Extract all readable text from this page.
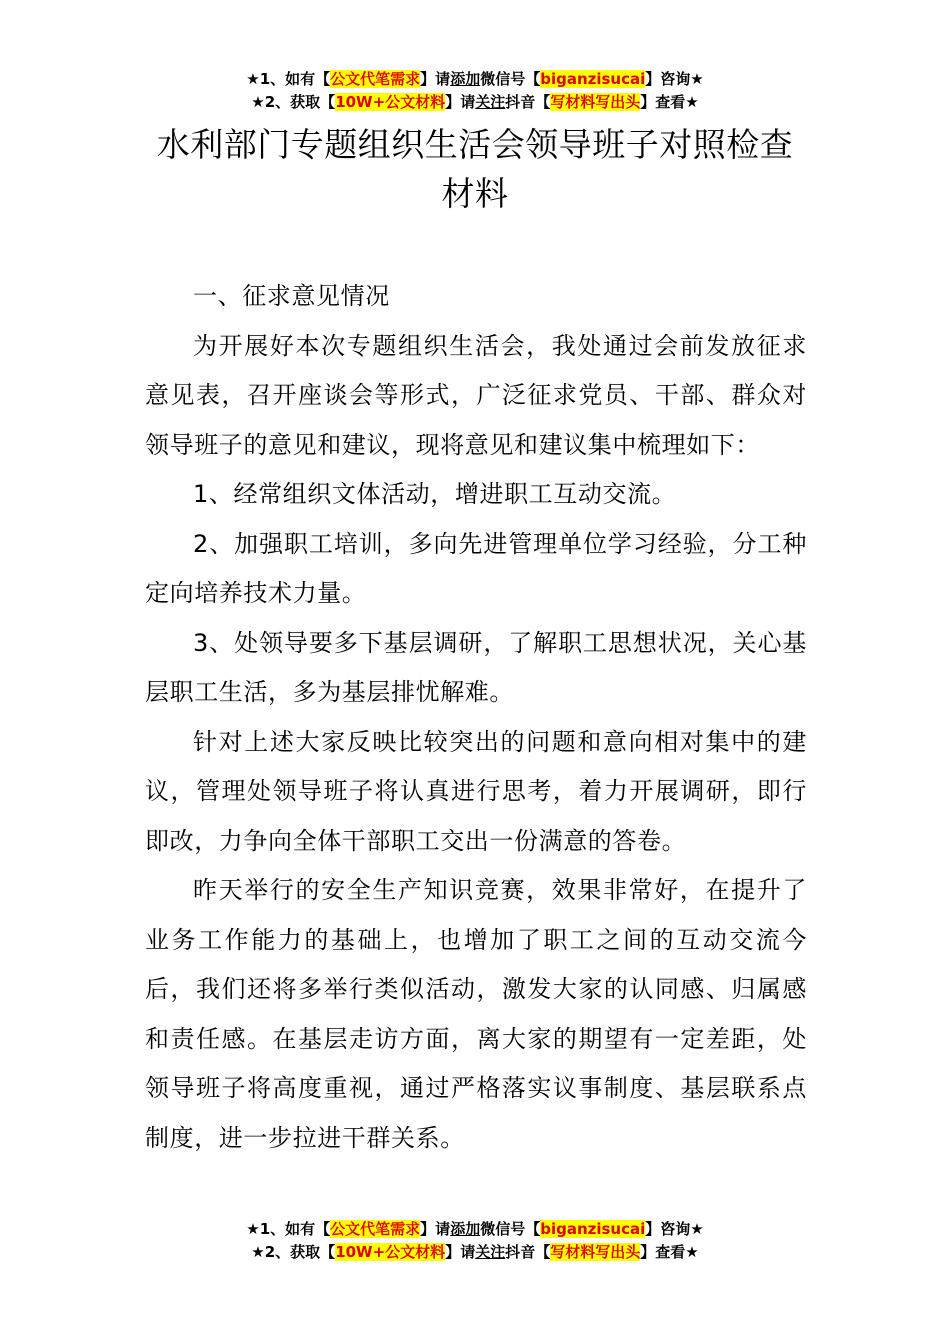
★1、如有【公文代笔需求】请添加微信号【biganzisucai】咨询★
★2、获取【10W+公文材料】请关注抖音【写材料写出头】查看★
水利部门专题组织生活会领导班子对照检查材料

一、征求意见情况

为开展好本次专题组织生活会，我处通过会前发放征求意见表，召开座谈会等形式，广泛征求党员、干部、群众对领导班子的意见和建议，现将意见和建议集中梳理如下：

1、经常组织文体活动，增进职工互动交流。

2、加强职工培训，多向先进管理单位学习经验，分工种定向培养技术力量。

3、处领导要多下基层调研，了解职工思想状况，关心基层职工生活，多为基层排忧解难。

针对上述大家反映比较突出的问题和意向相对集中的建议，管理处领导班子将认真进行思考，着力开展调研，即行即改，力争向全体干部职工交出一份满意的答卷。

昨天举行的安全生产知识竞赛，效果非常好，在提升了业务工作能力的基础上，也增加了职工之间的互动交流今后，我们还将多举行类似活动，激发大家的认同感、归属感和责任感。在基层走访方面，离大家的期望有一定差距，处领导班子将高度重视，通过严格落实议事制度、基层联系点制度，进一步拉进干群关系。

★1、如有【公文代笔需求】请添加微信号【biganzisucai】咨询★
★2、获取【10W+公文材料】请关注抖音【写材料写出头】查看★
